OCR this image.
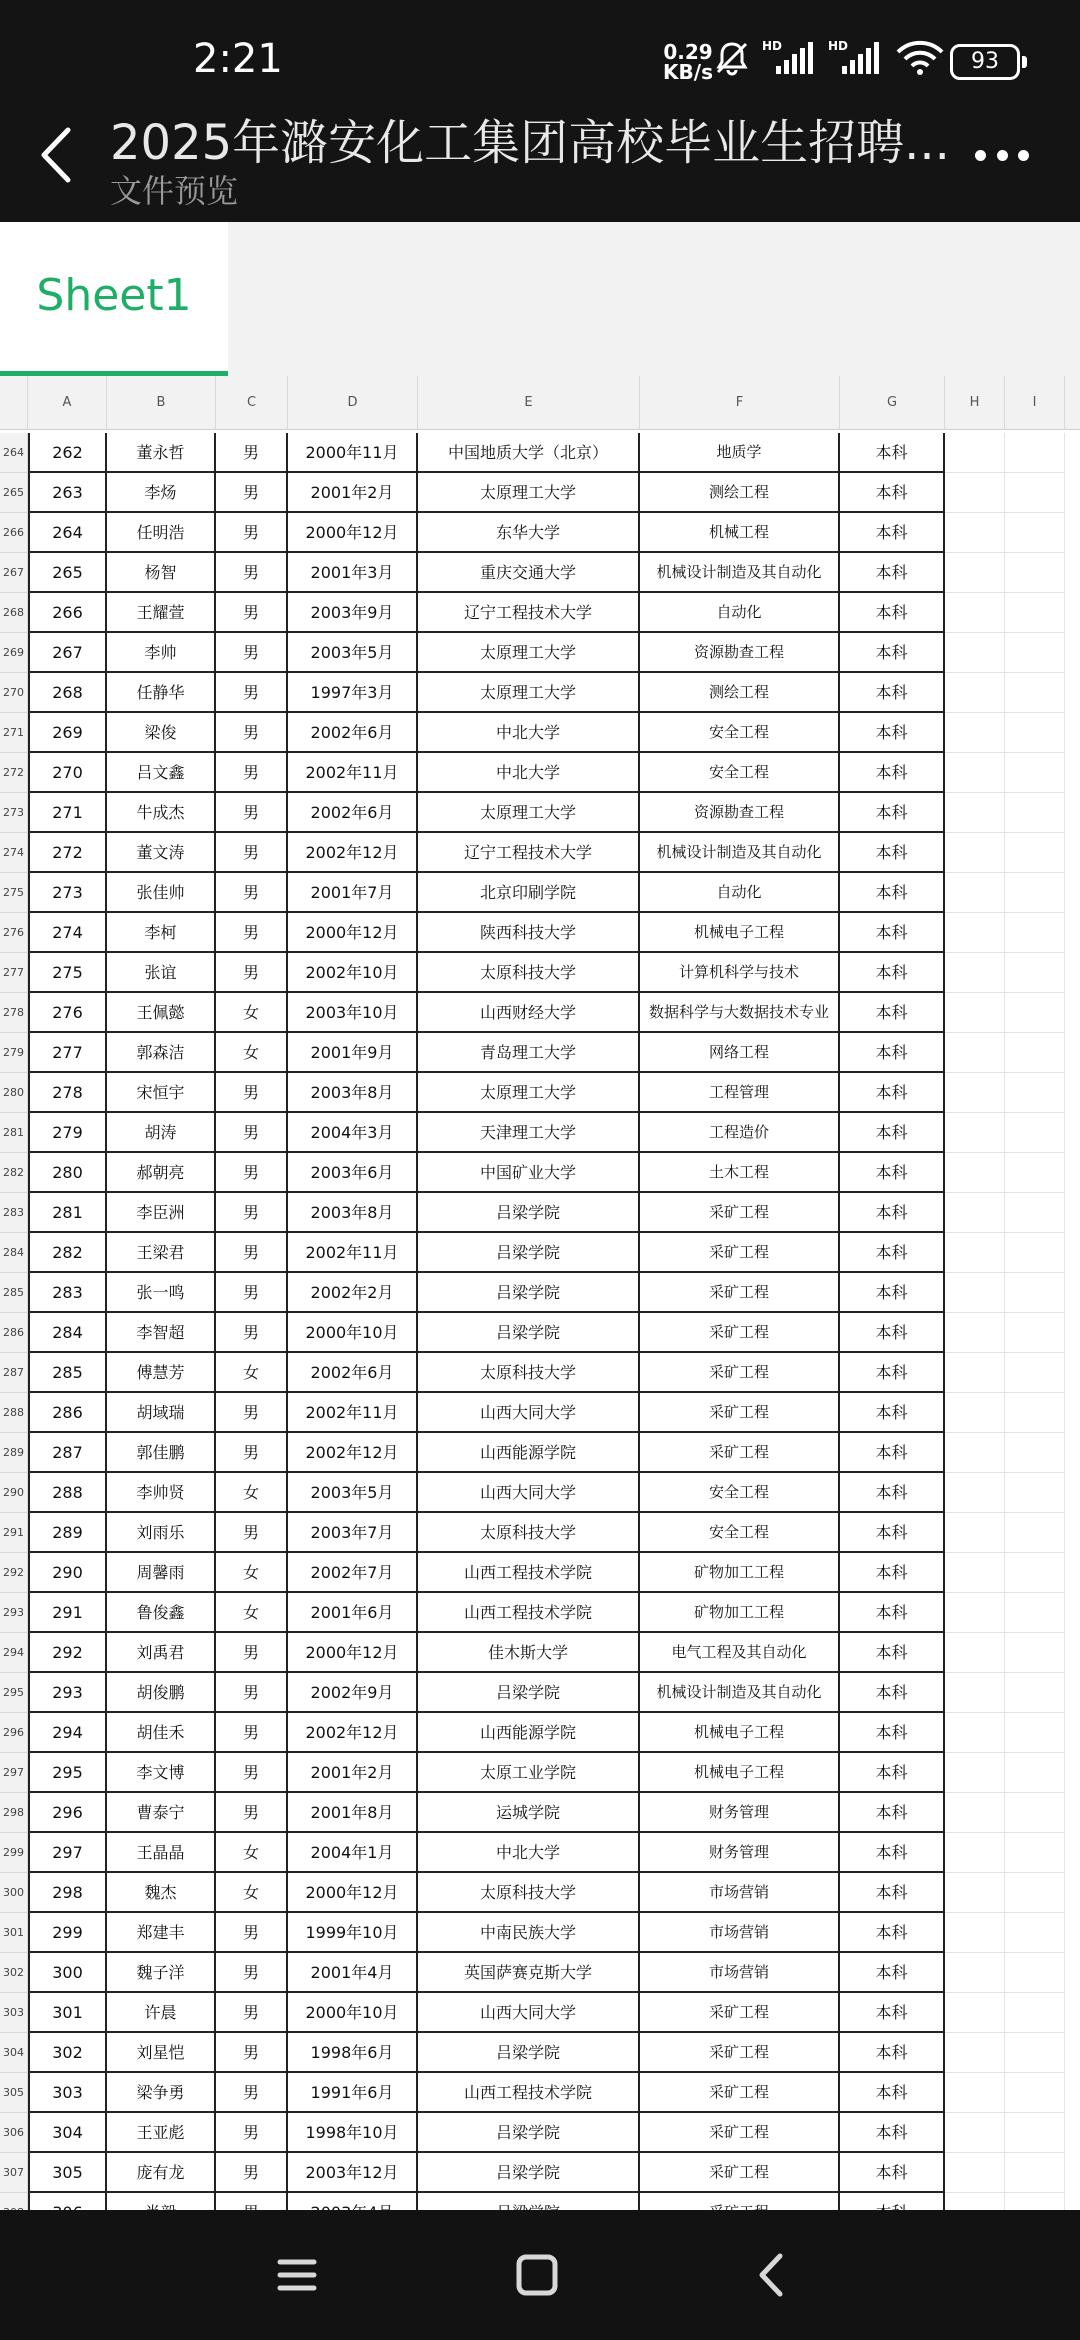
2:21	0.29
KB/s
HD	HD
93
2025年潞安化工集团高校毕业生招聘...
文件预览
Sheet1
A	B	C	D	E	F	G	H	I
264	262	董永哲	男	2000年11月	中国地质大学（北京）	地质学	本科
265	263	李炀	男	2001年2月	太原理工大学	测绘工程	本科
266	264	任明浩	男	2000年12月	东华大学	机械工程	本科
267	265	杨智	男	2001年3月	重庆交通大学	机械设计制造及其自动化	本科
268	266	王耀萱	男	2003年9月	辽宁工程技术大学	自动化	本科
269	267	李帅	男	2003年5月	太原理工大学	资源勘查工程	本科
270	268	任静华	男	1997年3月	太原理工大学	测绘工程	本科
271	269	梁俊	男	2002年6月	中北大学	安全工程	本科
272	270	吕文鑫	男	2002年11月	中北大学	安全工程	本科
273	271	牛成杰	男	2002年6月	太原理工大学	资源勘查工程	本科
274	272	董文涛	男	2002年12月	辽宁工程技术大学	机械设计制造及其自动化	本科
275	273	张佳帅	男	2001年7月	北京印刷学院	自动化	本科
276	274	李柯	男	2000年12月	陕西科技大学	机械电子工程	本科
277	275	张谊	男	2002年10月	太原科技大学	计算机科学与技术	本科
278	276	王佩懿	女	2003年10月	山西财经大学	数据科学与大数据技术专业	本科
279	277	郭森洁	女	2001年9月	青岛理工大学	网络工程	本科
280	278	宋恒宇	男	2003年8月	太原理工大学	工程管理	本科
281	279	胡涛	男	2004年3月	天津理工大学	工程造价	本科
282	280	郝朝亮	男	2003年6月	中国矿业大学	土木工程	本科
283	281	李臣洲	男	2003年8月	吕梁学院	采矿工程	本科
284	282	王梁君	男	2002年11月	吕梁学院	采矿工程	本科
285	283	张一鸣	男	2002年2月	吕梁学院	采矿工程	本科
286	284	李智超	男	2000年10月	吕梁学院	采矿工程	本科
287	285	傅慧芳	女	2002年6月	太原科技大学	采矿工程	本科
288	286	胡域瑞	男	2002年11月	山西大同大学	采矿工程	本科
289	287	郭佳鹏	男	2002年12月	山西能源学院	采矿工程	本科
290	288	李帅贤	女	2003年5月	山西大同大学	安全工程	本科
291	289	刘雨乐	男	2003年7月	太原科技大学	安全工程	本科
292	290	周馨雨	女	2002年7月	山西工程技术学院	矿物加工工程	本科
293	291	鲁俊鑫	女	2001年6月	山西工程技术学院	矿物加工工程	本科
294	292	刘禹君	男	2000年12月	佳木斯大学	电气工程及其自动化	本科
295	293	胡俊鹏	男	2002年9月	吕梁学院	机械设计制造及其自动化	本科
296	294	胡佳禾	男	2002年12月	山西能源学院	机械电子工程	本科
297	295	李文博	男	2001年2月	太原工业学院	机械电子工程	本科
298	296	曹泰宁	男	2001年8月	运城学院	财务管理	本科
299	297	王晶晶	女	2004年1月	中北大学	财务管理	本科
300	298	魏杰	女	2000年12月	太原科技大学	市场营销	本科
301	299	郑建丰	男	1999年10月	中南民族大学	市场营销	本科
302	300	魏子洋	男	2001年4月	英国萨赛克斯大学	市场营销	本科
303	301	许晨	男	2000年10月	山西大同大学	采矿工程	本科
304	302	刘星恺	男	1998年6月	吕梁学院	采矿工程	本科
305	303	梁争勇	男	1991年6月	山西工程技术学院	采矿工程	本科
306	304	王亚彪	男	1998年10月	吕梁学院	采矿工程	本科
307	305	庞有龙	男	2003年12月	吕梁学院	采矿工程	本科
